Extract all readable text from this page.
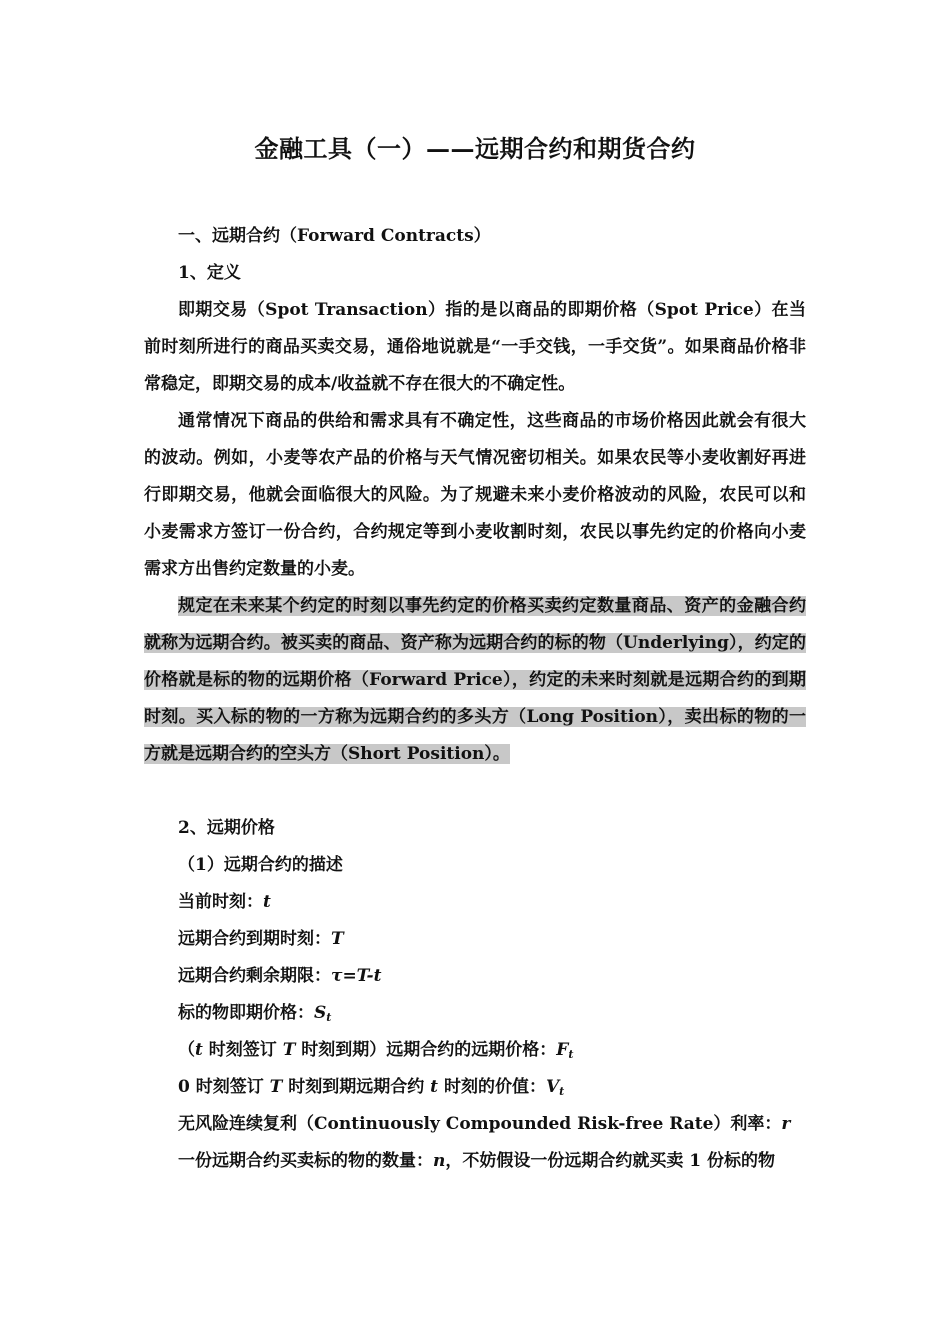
金融工具（一）——远期合约和期货合约

一、远期合约（Forward Contracts）

1、定义

即期交易（Spot Transaction）指的是以商品的即期价格（Spot Price）在当前时刻所进行的商品买卖交易，通俗地说就是“一手交钱，一手交货”。如果商品价格非常稳定，即期交易的成本/收益就不存在很大的不确定性。

通常情况下商品的供给和需求具有不确定性，这些商品的市场价格因此就会有很大的波动。例如，小麦等农产品的价格与天气情况密切相关。如果农民等小麦收割好再进行即期交易，他就会面临很大的风险。为了规避未来小麦价格波动的风险，农民可以和小麦需求方签订一份合约，合约规定等到小麦收割时刻，农民以事先约定的价格向小麦需求方出售约定数量的小麦。

规定在未来某个约定的时刻以事先约定的价格买卖约定数量商品、资产的金融合约就称为远期合约。被买卖的商品、资产称为远期合约的标的物（Underlying），约定的价格就是标的物的远期价格（Forward Price），约定的未来时刻就是远期合约的到期时刻。买入标的物的一方称为远期合约的多头方（Long Position），卖出标的物的一方就是远期合约的空头方（Short Position）。

2、远期价格

（1）远期合约的描述

当前时刻：t

远期合约到期时刻：T

远期合约剩余期限：τ=T-t

标的物即期价格：$S_t$

（t 时刻签订 T 时刻到期）远期合约的远期价格：$F_t$

0 时刻签订 T 时刻到期远期合约 t 时刻的价值：$V_t$

无风险连续复利（Continuously Compounded Risk-free Rate）利率：r

一份远期合约买卖标的物的数量：n，不妨假设一份远期合约就买卖 1 份标的物
